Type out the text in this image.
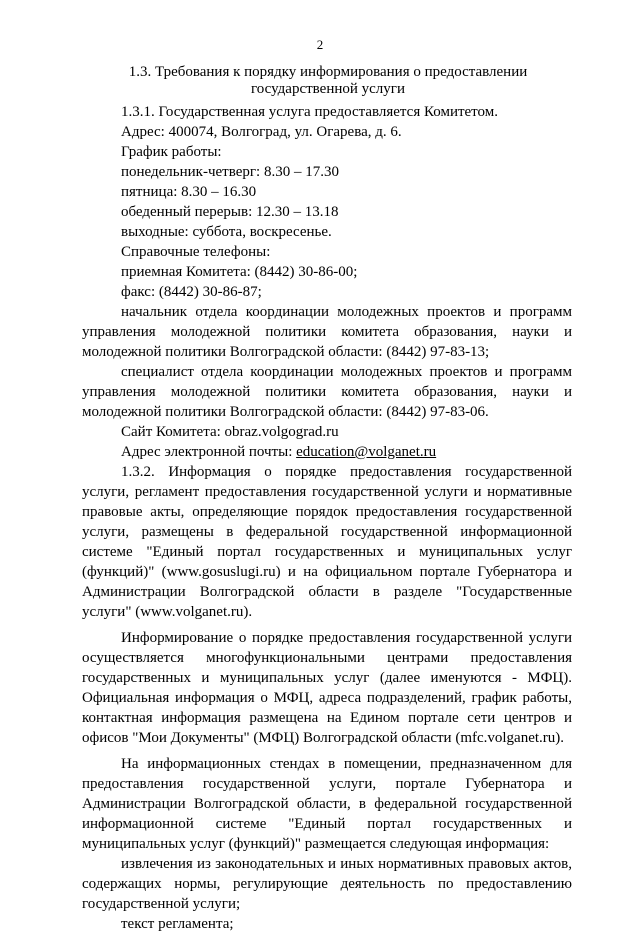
2
1.3. Требования к порядку информирования о предоставлении государственной услуги

1.3.1. Государственная услуга предоставляется Комитетом.

Адрес: 400074, Волгоград, ул. Огарева, д. 6.

График работы:

понедельник-четверг: 8.30 – 17.30

пятница: 8.30 – 16.30

обеденный перерыв: 12.30 – 13.18

выходные: суббота, воскресенье.

Справочные телефоны:

приемная Комитета: (8442) 30-86-00;

факс: (8442) 30-86-87;

начальник отдела координации молодежных проектов и программ управления молодежной политики комитета образования, науки и молодежной политики Волгоградской области: (8442) 97-83-13;

специалист отдела координации молодежных проектов и программ управления молодежной политики комитета образования, науки и молодежной политики Волгоградской области: (8442) 97-83-06.

Сайт Комитета: obraz.volgograd.ru

Адрес электронной почты: education@volganet.ru

1.3.2. Информация о порядке предоставления государственной услуги, регламент предоставления государственной услуги и нормативные правовые акты, определяющие порядок предоставления государственной услуги, размещены в федеральной государственной информационной системе "Единый портал государственных и муниципальных услуг (функций)" (www.gosuslugi.ru) и на официальном портале Губернатора и Администрации Волгоградской области в разделе "Государственные услуги" (www.volganet.ru).

Информирование о порядке предоставления государственной услуги осуществляется многофункциональными центрами предоставления государственных и муниципальных услуг (далее именуются - МФЦ). Официальная информация о МФЦ, адреса подразделений, график работы, контактная информация размещена на Едином портале сети центров и офисов "Мои Документы" (МФЦ) Волгоградской области (mfc.volganet.ru).

На информационных стендах в помещении, предназначенном для предоставления государственной услуги, портале Губернатора и Администрации Волгоградской области, в федеральной государственной информационной системе "Единый портал государственных и муниципальных услуг (функций)" размещается следующая информация:

извлечения из законодательных и иных нормативных правовых актов, содержащих нормы, регулирующие деятельность по предоставлению государственной услуги;

текст регламента;
